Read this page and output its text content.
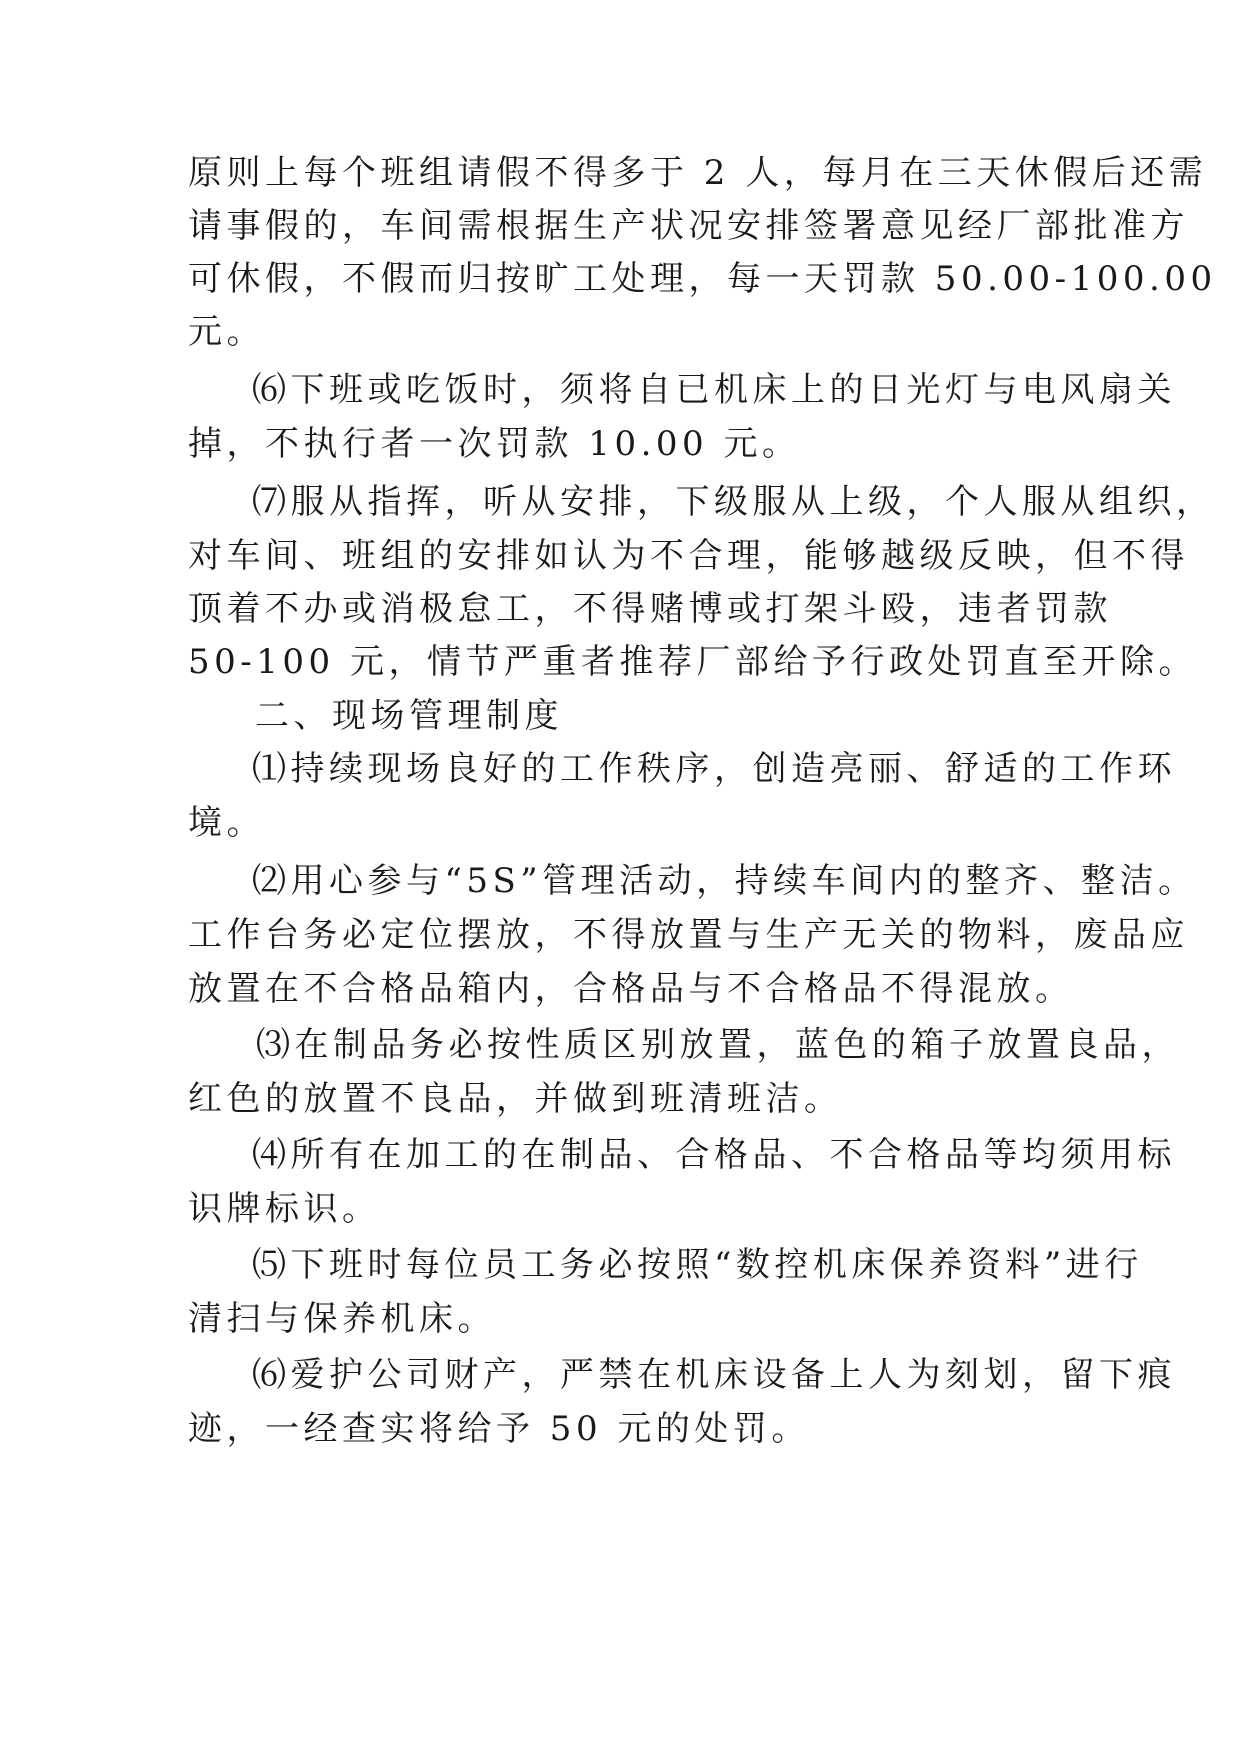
原则上每个班组请假不得多于 2 人，每月在三天休假后还需
请事假的，车间需根据生产状况安排签署意见经厂部批准方
可休假，不假而归按旷工处理，每一天罚款 50.00-100.00
元。
⑹下班或吃饭时，须将自已机床上的日光灯与电风扇关
掉，不执行者一次罚款 10.00 元。
⑺服从指挥，听从安排，下级服从上级，个人服从组织，
对车间、班组的安排如认为不合理，能够越级反映，但不得
顶着不办或消极怠工，不得赌博或打架斗殴，违者罚款
50-100 元，情节严重者推荐厂部给予行政处罚直至开除。
二、现场管理制度
⑴持续现场良好的工作秩序，创造亮丽、舒适的工作环
境。
⑵用心参与“5S”管理活动，持续车间内的整齐、整洁。
工作台务必定位摆放，不得放置与生产无关的物料，废品应
放置在不合格品箱内，合格品与不合格品不得混放。
⑶在制品务必按性质区别放置，蓝色的箱子放置良品，
红色的放置不良品，并做到班清班洁。
⑷所有在加工的在制品、合格品、不合格品等均须用标
识牌标识。
⑸下班时每位员工务必按照“数控机床保养资料”进行
清扫与保养机床。
⑹爱护公司财产，严禁在机床设备上人为刻划，留下痕
迹，一经查实将给予 50 元的处罚。
